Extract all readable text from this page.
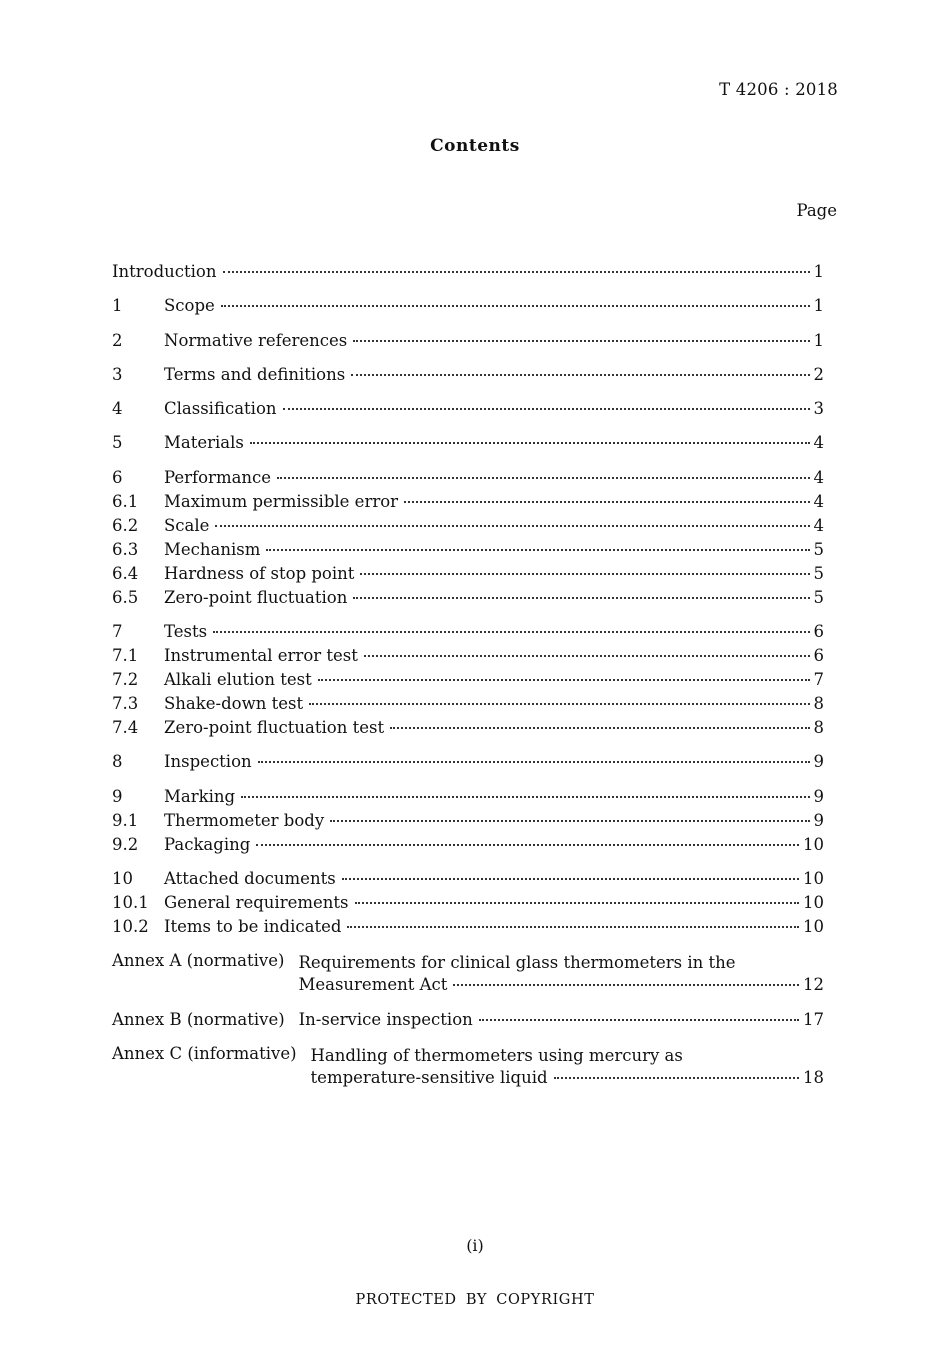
T 4206 : 2018
Contents
Page
Introduction	1
1	Scope	1
2	Normative references	1
3	Terms and definitions	2
4	Classification	3
5	Materials	4
6	Performance	4
6.1	Maximum permissible error	4
6.2	Scale	4
6.3	Mechanism	5
6.4	Hardness of stop point	5
6.5	Zero-point fluctuation	5
7	Tests	6
7.1	Instrumental error test	6
7.2	Alkali elution test	7
7.3	Shake-down test	8
7.4	Zero-point fluctuation test	8
8	Inspection	9
9	Marking	9
9.1	Thermometer body	9
9.2	Packaging	10
10	Attached documents	10
10.1 General requirements	10
10.2 Items to be indicated	10
Annex A (normative) Requirements for clinical glass thermometers in the
Measurement Act	12
Annex B (normative) In-service inspection	17
Annex C (informative) Handling of thermometers using mercury as
temperature-sensitive liquid	18
(i)
PROTECTED BY COPYRIGHT
